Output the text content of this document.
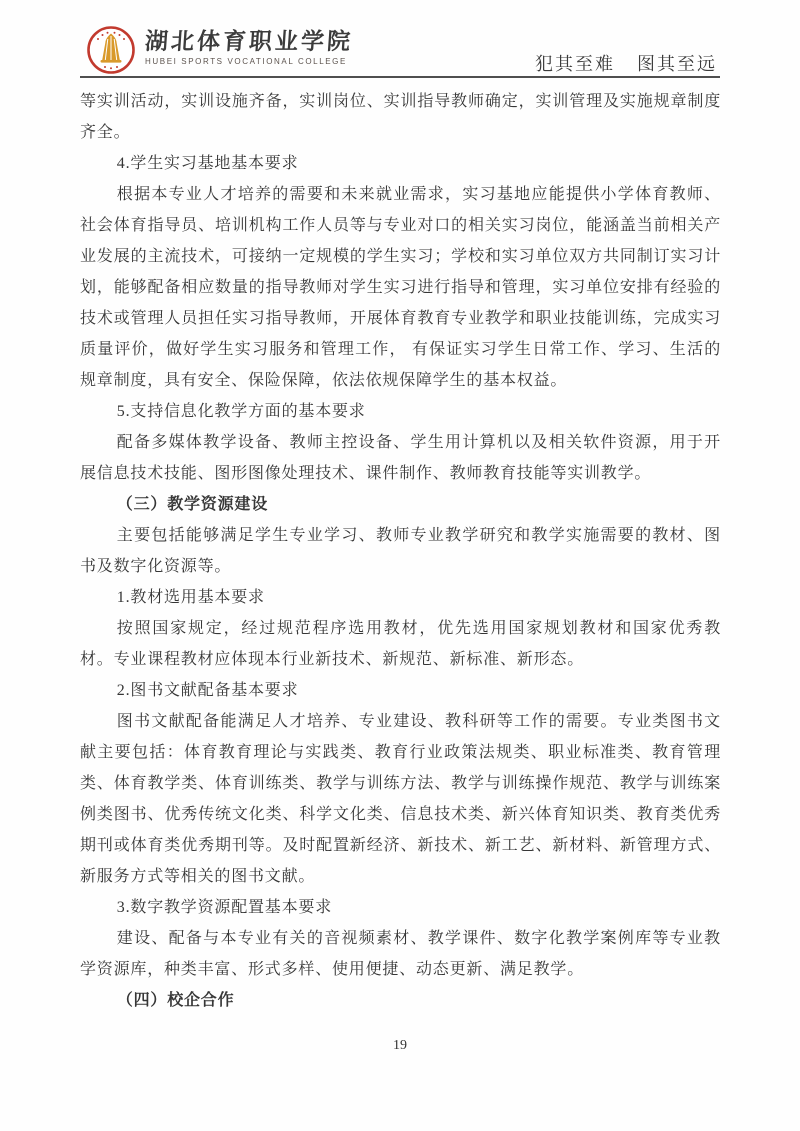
湖北体育职业学院
HUBEI SPORTS VOCATIONAL COLLEGE	犯其至难 图其至远

等实训活动，实训设施齐备，实训岗位、实训指导教师确定，实训管理及实施规章制度齐全。

4.学生实习基地基本要求

根据本专业人才培养的需要和未来就业需求，实习基地应能提供小学体育教师、社会体育指导员、培训机构工作人员等与专业对口的相关实习岗位，能涵盖当前相关产业发展的主流技术，可接纳一定规模的学生实习；学校和实习单位双方共同制订实习计划，能够配备相应数量的指导教师对学生实习进行指导和管理，实习单位安排有经验的技术或管理人员担任实习指导教师，开展体育教育专业教学和职业技能训练，完成实习质量评价，做好学生实习服务和管理工作， 有保证实习学生日常工作、学习、生活的规章制度，具有安全、保险保障，依法依规保障学生的基本权益。

5.支持信息化教学方面的基本要求

配备多媒体教学设备、教师主控设备、学生用计算机以及相关软件资源，用于开展信息技术技能、图形图像处理技术、课件制作、教师教育技能等实训教学。

（三）教学资源建设

主要包括能够满足学生专业学习、教师专业教学研究和教学实施需要的教材、图书及数字化资源等。

1.教材选用基本要求

按照国家规定，经过规范程序选用教材，优先选用国家规划教材和国家优秀教材。专业课程教材应体现本行业新技术、新规范、新标准、新形态。

2.图书文献配备基本要求

图书文献配备能满足人才培养、专业建设、教科研等工作的需要。专业类图书文献主要包括：体育教育理论与实践类、教育行业政策法规类、职业标准类、教育管理类、体育教学类、体育训练类、教学与训练方法、教学与训练操作规范、教学与训练案例类图书、优秀传统文化类、科学文化类、信息技术类、新兴体育知识类、教育类优秀期刊或体育类优秀期刊等。及时配置新经济、新技术、新工艺、新材料、新管理方式、新服务方式等相关的图书文献。

3.数字教学资源配置基本要求

建设、配备与本专业有关的音视频素材、教学课件、数字化教学案例库等专业教学资源库，种类丰富、形式多样、使用便捷、动态更新、满足教学。

（四）校企合作

19
